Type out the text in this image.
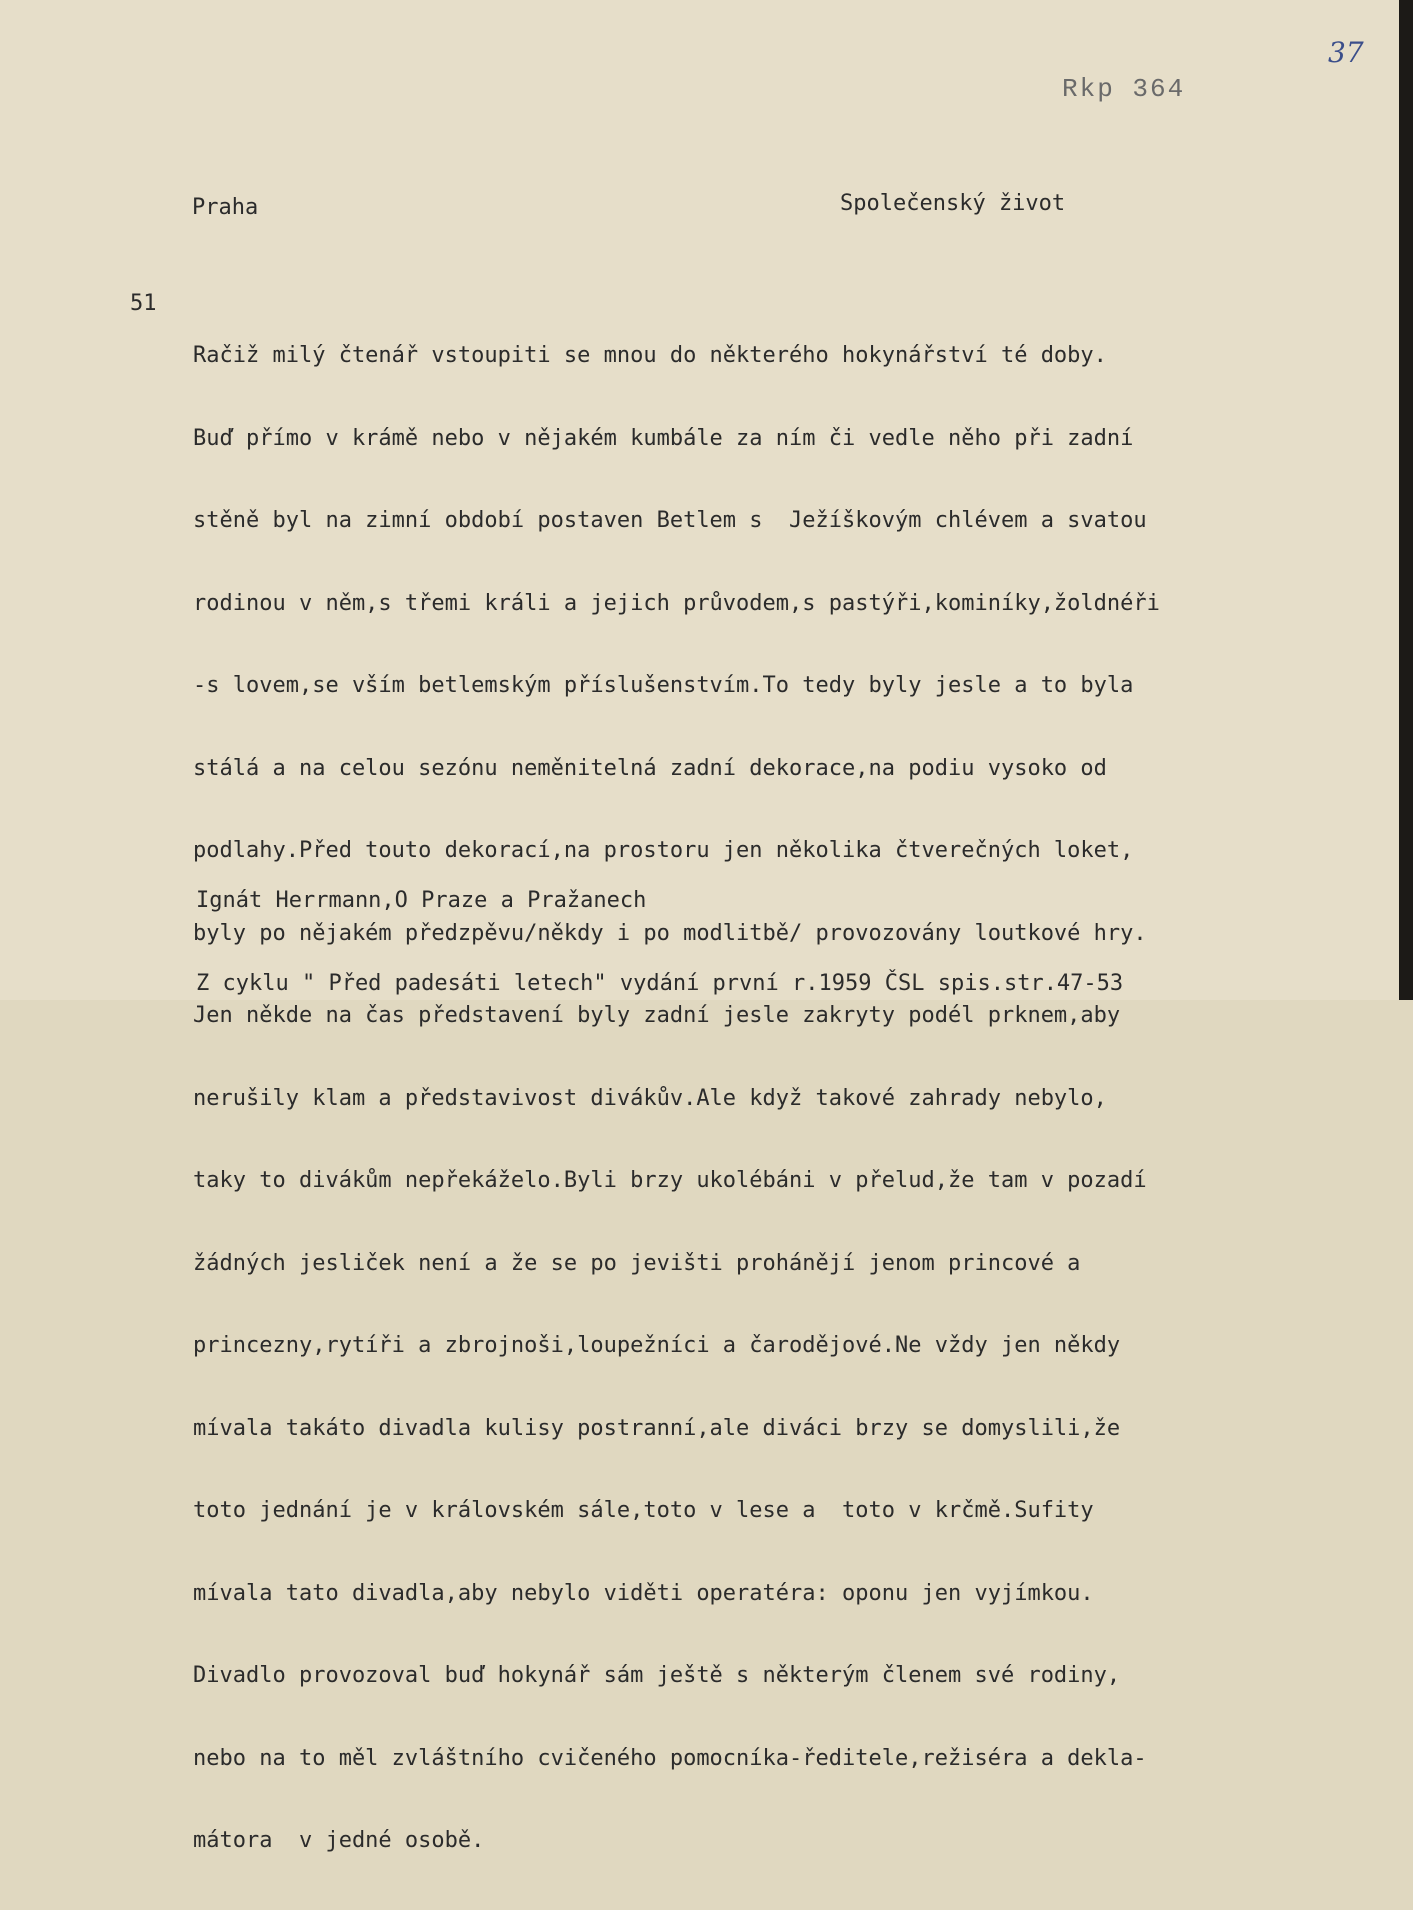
37
Rkp 364
Praha	Společenský život
51

Račiž milý čtenář vstoupiti se mnou do některého hokynářství té doby.

Buď přímo v krámě nebo v nějakém kumbále za ním či vedle něho při zadní

stěně byl na zimní období postaven Betlem s  Ježíškovým chlévem a svatou

rodinou v něm,s třemi králi a jejich průvodem,s pastýři,kominíky,žoldnéři

-s lovem,se vším betlemským příslušenstvím.To tedy byly jesle a to byla

stálá a na celou sezónu neměnitelná zadní dekorace,na podiu vysoko od

podlahy.Před touto dekorací,na prostoru jen několika čtverečných loket,

byly po nějakém předzpěvu/někdy i po modlitbě/ provozovány loutkové hry.

Jen někde na čas představení byly zadní jesle zakryty podél prknem,aby

nerušily klam a představivost divákův.Ale když takové zahrady nebylo,

taky to divákům nepřekáželo.Byli brzy ukolébáni v přelud,že tam v pozadí

žádných jesliček není a že se po jevišti prohánějí jenom princové a

princezny,rytíři a zbrojnoši,loupežníci a čarodějové.Ne vždy jen někdy

mívala takáto divadla kulisy postranní,ale diváci brzy se domyslili,že

toto jednání je v královském sále,toto v lese a  toto v krčmě.Sufity

mívala tato divadla,aby nebylo viděti operatéra: oponu jen vyjímkou.

Divadlo provozoval buď hokynář sám ještě s některým členem své rodiny,

nebo na to měl zvláštního cvičeného pomocníka-ředitele,režiséra a dekla-

mátora  v jedné osobě.

Ignát Herrmann,O Praze a Pražanech

Z cyklu " Před padesáti letech" vydání první r.1959 ČSL spis.str.47-53
